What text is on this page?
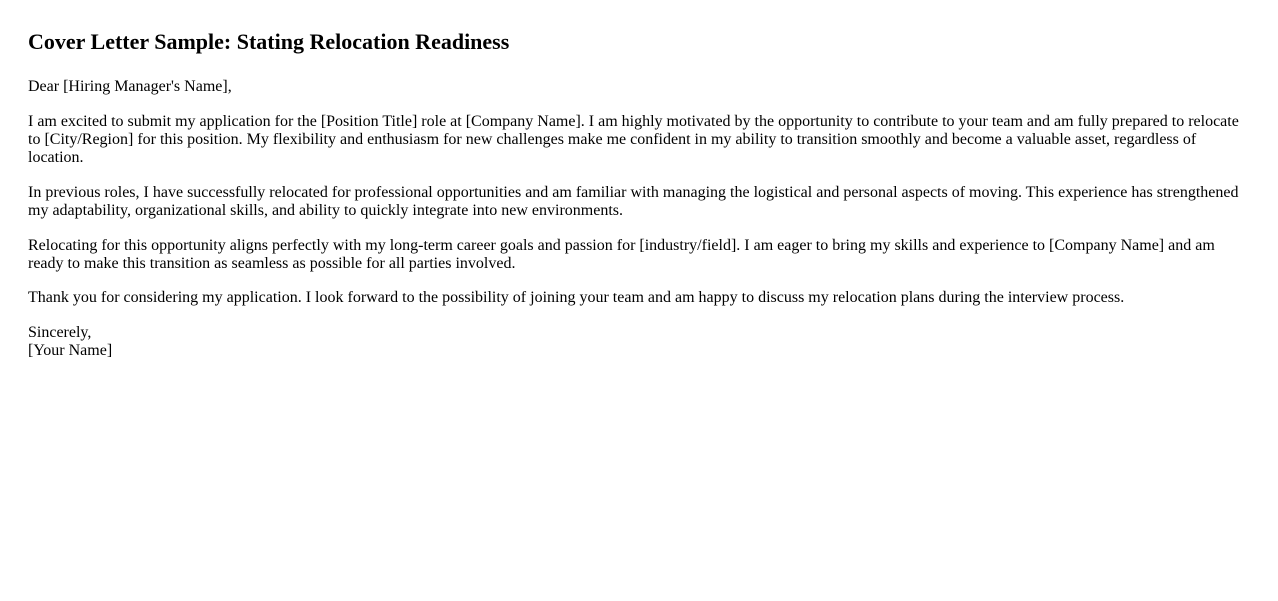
Cover Letter Sample: Stating Relocation Readiness

Dear [Hiring Manager's Name],

I am excited to submit my application for the [Position Title] role at [Company Name]. I am highly motivated by the opportunity to contribute to your team and am fully prepared to relocate to [City/Region] for this position. My flexibility and enthusiasm for new challenges make me confident in my ability to transition smoothly and become a valuable asset, regardless of location.

In previous roles, I have successfully relocated for professional opportunities and am familiar with managing the logistical and personal aspects of moving. This experience has strengthened my adaptability, organizational skills, and ability to quickly integrate into new environments.

Relocating for this opportunity aligns perfectly with my long-term career goals and passion for [industry/field]. I am eager to bring my skills and experience to [Company Name] and am ready to make this transition as seamless as possible for all parties involved.

Thank you for considering my application. I look forward to the possibility of joining your team and am happy to discuss my relocation plans during the interview process.

Sincerely,
[Your Name]
